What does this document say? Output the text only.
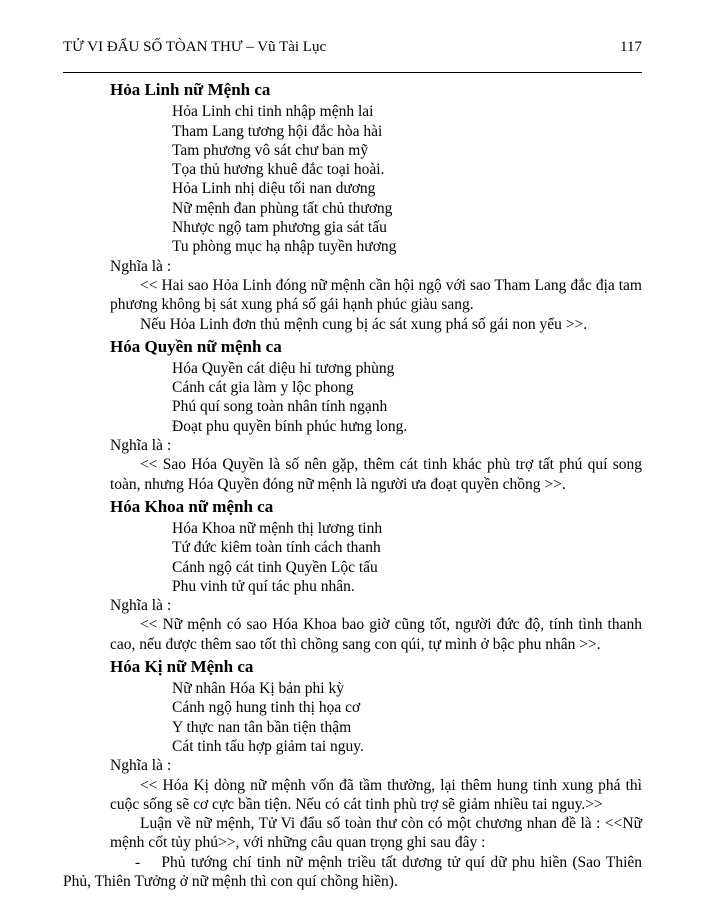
TỬ VI ĐẨU SỐ TÒAN THƯ – Vũ Tài Lục	117
Hỏa Linh nữ Mệnh ca
Hỏa Linh chi tinh nhập mệnh lai
Tham Lang tương hội đắc hòa hài
Tam phương vô sát chư ban mỹ
Tọa thủ hương khuê đắc toại hoài.
Hỏa Linh nhị diệu tối nan dương
Nữ mệnh đan phùng tất chủ thương
Nhược ngộ tam phương gia sát tấu
Tu phòng mục hạ nhập tuyền hương
Nghĩa là :

<< Hai sao Hỏa Linh đóng nữ mệnh cần hội ngộ với sao Tham Lang đắc địa tam phương không bị sát xung phá số gái hạnh phúc giàu sang.

Nếu Hỏa Linh đơn thủ mệnh cung bị ác sát xung phá số gái non yểu >>.

Hóa Quyền nữ mệnh ca
Hóa Quyền cát diệu hỉ tương phùng
Cánh cát gia làm y lộc phong
Phú quí song toàn nhân tính ngạnh
Đoạt phu quyền bính phúc hưng long.
Nghĩa là :

<< Sao Hóa Quyền là số nên gặp, thêm cát tinh khác phù trợ tất phú quí song toàn, nhưng Hóa Quyền đóng nữ mệnh là người ưa đoạt quyền chồng >>.

Hóa Khoa nữ mệnh ca
Hóa Khoa nữ mệnh thị lương tinh
Tứ đức kiêm toàn tính cách thanh
Cánh ngộ cát tinh Quyền Lộc tấu
Phu vinh tử quí tác phu nhân.
Nghĩa là :

<< Nữ mệnh có sao Hóa Khoa bao giờ cũng tốt, người đức độ, tính tình thanh cao, nếu được thêm sao tốt thì chồng sang con qúi, tự mình ở bậc phu nhân >>.

Hóa Kị nữ Mệnh ca
Nữ nhân Hóa Kị bản phi kỳ
Cánh ngộ hung tinh thị họa cơ
Y thực nan tân bần tiện thậm
Cát tinh tấu hợp giảm tai nguy.
Nghĩa là :

<< Hóa Kị dòng nữ mệnh vốn đã tầm thường, lại thêm hung tinh xung phá thì cuộc sống sẽ cơ cực bần tiện. Nếu có cát tinh phù trợ sẽ giảm nhiều tai nguy.>>

Luận về nữ mệnh, Tử Vi đẩu số toàn thư còn có một chương nhan đề là : <<Nữ mệnh cốt tủy phú>>, với những câu quan trọng ghi sau đây :

-    Phủ tướng chí tinh nữ mệnh triều tất dương tử quí dữ phu hiền (Sao Thiên Phủ, Thiên Tưởng ở nữ mệnh thì con quí chồng hiền).
